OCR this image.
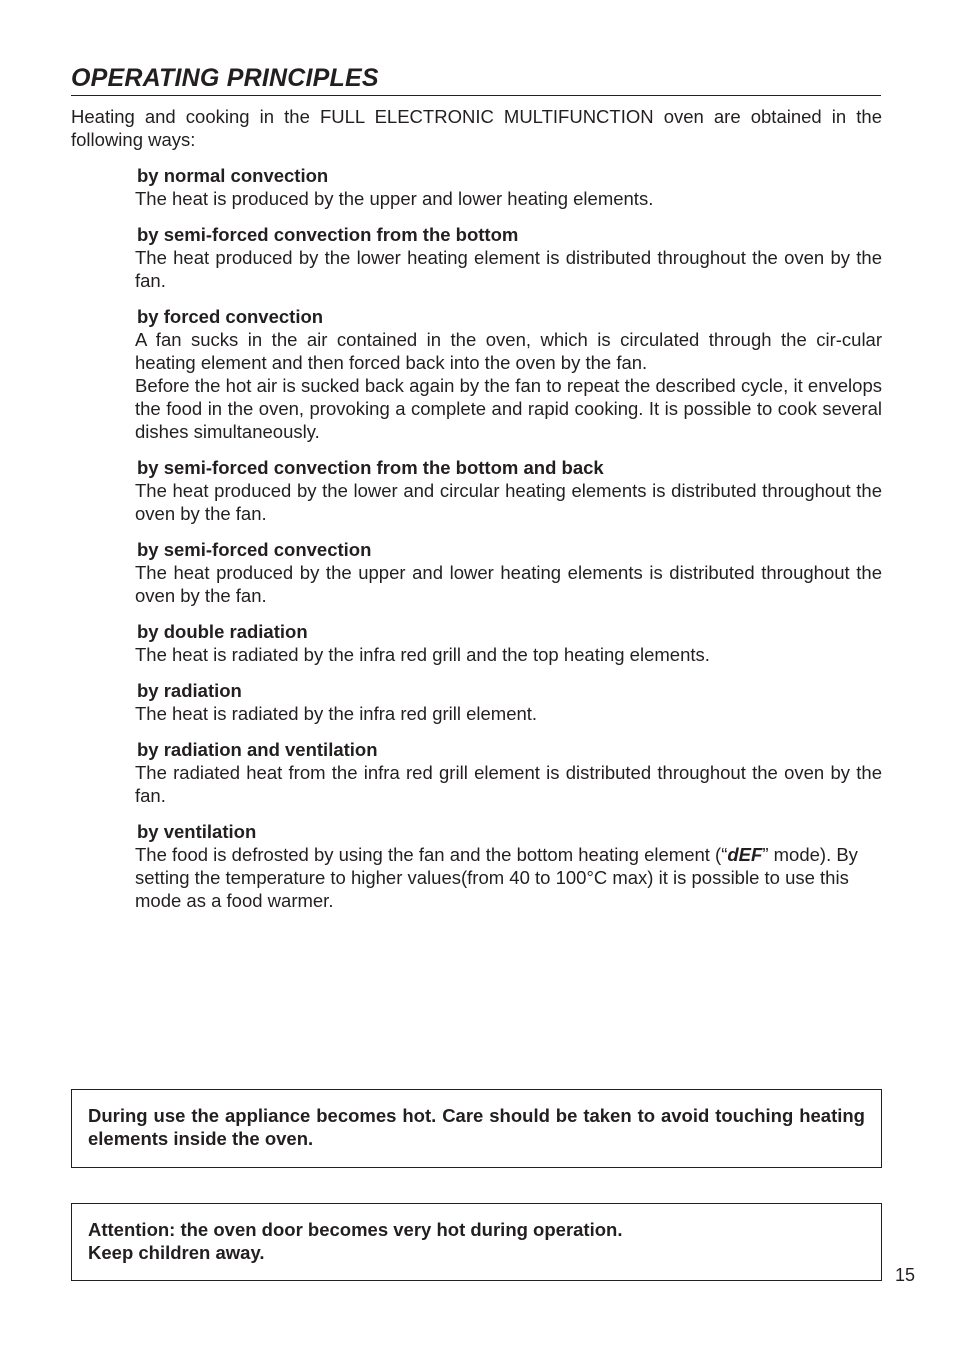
OPERATING PRINCIPLES
Heating and cooking in the FULL ELECTRONIC MULTIFUNCTION oven are obtained in the following ways:
by normal convection

The heat is produced by the upper and lower heating elements.

by semi-forced convection from the bottom

The heat produced by the lower heating element is distributed throughout the oven by the fan.

by forced convection

A fan sucks in the air contained in the oven, which is circulated through the cir-cular heating element and then forced back into the oven by the fan.

Before the hot air is sucked back again by the fan to repeat the described cycle, it envelops the food in the oven, provoking a complete and rapid cooking. It is possible to cook several dishes simultaneously.

by semi-forced convection from the bottom and back

The heat produced by the lower and circular heating elements is distributed throughout the oven by the fan.

by semi-forced convection

The heat produced by the upper and lower heating elements is distributed throughout the oven by the fan.

by double radiation

The heat is radiated by the infra red grill and the top heating elements.

by radiation

The heat is radiated by the infra red grill element.

by radiation and ventilation

The radiated heat from the infra red grill element is distributed throughout the oven by the fan.

by ventilation

The food is defrosted by using the fan and the bottom heating element (“dEF” mode). By setting the temperature to higher values(from 40 to 100°C max) it is possible to use this mode as a food warmer.

During use the appliance becomes hot. Care should be taken to avoid touching heating elements inside the oven.
Attention: the oven door becomes very hot during operation.
Keep children away.
15
